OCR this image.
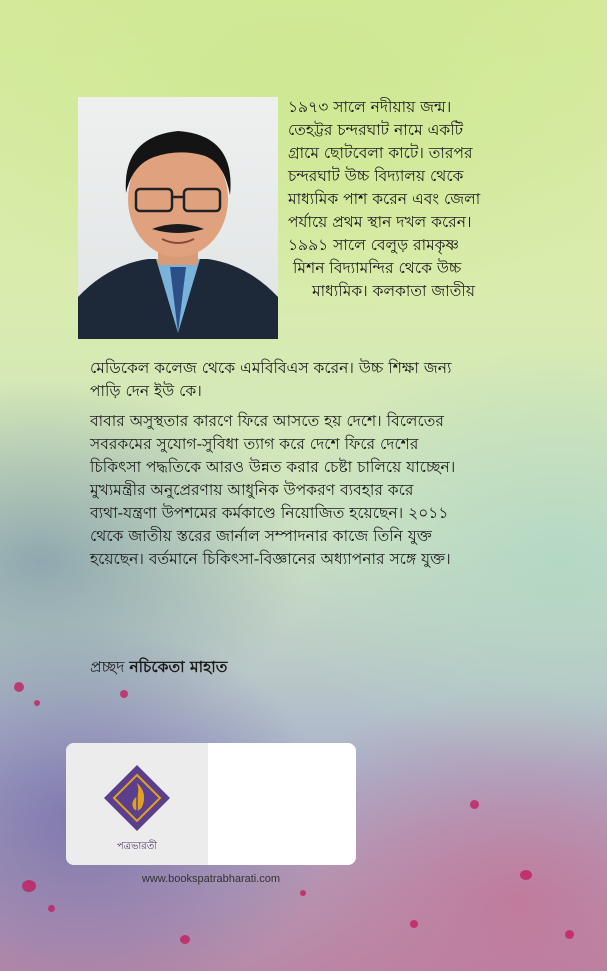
১৯৭৩ সালে নদীয়ায় জন্ম।
তেহট্টর চন্দরঘাট নামে একটি
গ্রামে ছোটবেলা কাটে। তারপর
চন্দরঘাট উচ্চ বিদ্যালয় থেকে
মাধ্যমিক পাশ করেন এবং জেলা
পর্যায়ে প্রথম স্থান দখল করেন।
১৯৯১ সালে বেলুড় রামকৃষ্ণ
মিশন বিদ্যামন্দির থেকে উচ্চ
মাধ্যমিক। কলকাতা জাতীয়
মেডিকেল কলেজ থেকে এমবিবিএস করেন। উচ্চ শিক্ষা জন্য
পাড়ি দেন ইউ কে।
বাবার অসুস্থতার কারণে ফিরে আসতে হয় দেশে। বিলেতের
সবরকমের সুযোগ-সুবিধা ত্যাগ করে দেশে ফিরে দেশের
চিকিৎসা পদ্ধতিকে আরও উন্নত করার চেষ্টা চালিয়ে যাচ্ছেন।
মুখ্যমন্ত্রীর অনুপ্রেরণায় আধুনিক উপকরণ ব্যবহার করে
ব্যথা-যন্ত্রণা উপশমের কর্মকাণ্ডে নিয়োজিত হয়েছেন। ২০১১
থেকে জাতীয় স্তরের জার্নাল সম্পাদনার কাজে তিনি যুক্ত
হয়েছেন। বর্তমানে চিকিৎসা-বিজ্ঞানের অধ্যাপনার সঙ্গে যুক্ত।
প্রচ্ছদ নচিকেতা মাহাত
পত্রভারতী
www.bookspatrabharati.com
